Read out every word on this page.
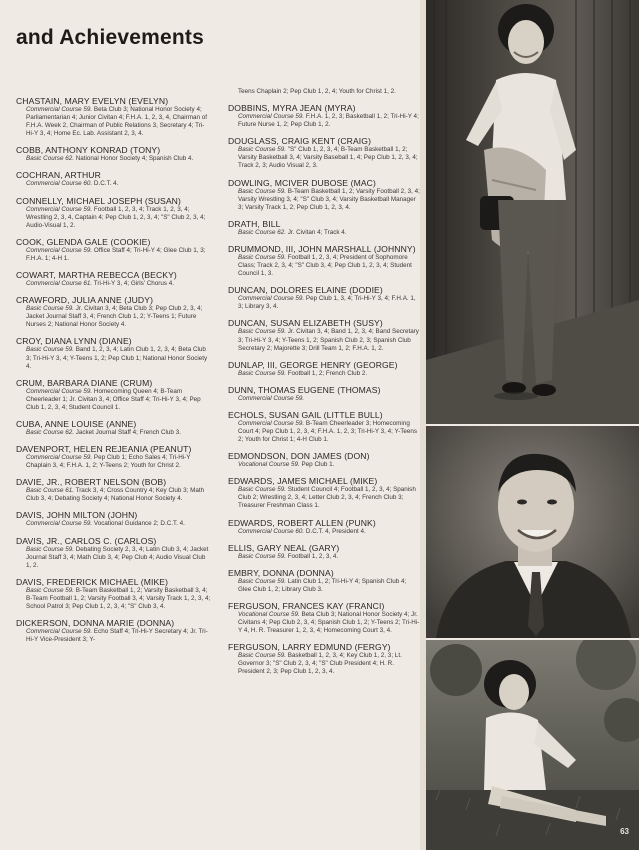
and Achievements
CHASTAIN, MARY EVELYN (EVELYN)
Commercial Course 59. Beta Club 3; National Honor Society 4; Parliamentarian 4; Junior Civitan 4; F.H.A. 1, 2, 3, 4, Chairman of F.H.A. Week 2, Chairman of Public Relations 3, Secretary 4; Tri-Hi-Y 3, 4; Home Ec. Lab. Assistant 2, 3, 4.
COBB, ANTHONY KONRAD (TONY)
Basic Course 62. National Honor Society 4; Spanish Club 4.
COCHRAN, ARTHUR
Commercial Course 60. D.C.T. 4.
CONNELLY, MICHAEL JOSEPH (SUSAN)
Commercial Course 59. Football 1, 2, 3, 4; Track 1, 2, 3, 4; Wrestling 2, 3, 4, Captain 4; Pep Club 1, 2, 3, 4; "S" Club 2, 3, 4; Audio-Visual 1, 2.
COOK, GLENDA GALE (COOKIE)
Commercial Course 59. Office Staff 4; Tri-Hi-Y 4; Glee Club 1, 3; F.H.A. 1; 4-H 1.
COWART, MARTHA REBECCA (BECKY)
Commercial Course 61. Tri-Hi-Y 3, 4; Girls' Chorus 4.
CRAWFORD, JULIA ANNE (JUDY)
Basic Course 59. Jr. Civitan 3, 4; Beta Club 3; Pep Club 2, 3, 4; Jacket Journal Staff 3, 4; French Club 1, 2; Y-Teens 1; Future Nurses 2; National Honor Society 4.
CROY, DIANA LYNN (DIANE)
Basic Course 59. Band 1, 2, 3, 4; Latin Club 1, 2, 3, 4; Beta Club 3; Tri-Hi-Y 3, 4; Y-Teens 1, 2; Pep Club 1; National Honor Society 4.
CRUM, BARBARA DIANE (CRUM)
Commercial Course 59. Homecoming Queen 4; B-Team Cheerleader 1; Jr. Civitan 3, 4; Office Staff 4; Tri-Hi-Y 3, 4; Pep Club 1, 2, 3, 4; Student Council 1.
CUBA, ANNE LOUISE (ANNE)
Basic Course 62. Jacket Journal Staff 4; French Club 3.
DAVENPORT, HELEN REJEANIA (PEANUT)
Commercial Course 59. Pep Club 1; Echo Sales 4; Tri-Hi-Y Chaplain 3, 4; F.H.A. 1, 2; Y-Teens 2; Youth for Christ 2.
DAVIE, JR., ROBERT NELSON (BOB)
Basic Course 61. Track 3, 4; Cross Country 4; Key Club 3; Math Club 3, 4; Debating Society 4; National Honor Society 4.
DAVIS, JOHN MILTON (JOHN)
Commercial Course 59. Vocational Guidance 2; D.C.T. 4.
DAVIS, JR., CARLOS C. (CARLOS)
Basic Course 59. Debating Society 2, 3, 4; Latin Club 3, 4; Jacket Journal Staff 3, 4; Math Club 3, 4; Pep Club 4; Audio Visual Club 1, 2.
DAVIS, FREDERICK MICHAEL (MIKE)
Basic Course 59. B-Team Basketball 1, 2; Varsity Basketball 3, 4; B-Team Football 1, 2; Varsity Football 3, 4; Varsity Track 1, 2, 3, 4; School Patrol 3; Pep Club 1, 2, 3, 4; "S" Club 3, 4.
DICKERSON, DONNA MARIE (DONNA)
Commercial Course 59. Echo Staff 4; Tri-Hi-Y Secretary 4; Jr. Tri-Hi-Y Vice-President 3; Y-
Teens Chaplain 2; Pep Club 1, 2, 4; Youth for Christ 1, 2.
DOBBINS, MYRA JEAN (MYRA)
Commercial Course 59. F.H.A. 1, 2, 3; Basketball 1, 2; Tri-Hi-Y 4; Future Nurse 1, 2; Pep Club 1, 2.
DOUGLASS, CRAIG KENT (CRAIG)
Basic Course 59. "S" Club 1, 2, 3, 4; B-Team Basketball 1, 2; Varsity Basketball 3, 4; Varsity Baseball 1, 4; Pep Club 1, 2, 3, 4; Track 2, 3; Audio Visual 2, 3.
DOWLING, MCIVER DUBOSE (MAC)
Basic Course 59. B-Team Basketball 1, 2; Varsity Football 2, 3, 4; Varsity Wrestling 3, 4; "S" Club 3, 4; Varsity Basketball Manager 3; Varsity Track 1, 2; Pep Club 1, 2, 3, 4.
DRATH, BILL
Basic Course 62. Jr. Civitan 4; Track 4.
DRUMMOND, III, JOHN MARSHALL (JOHNNY)
Basic Course 59. Football 1, 2, 3, 4; President of Sophomore Class; Track 2, 3, 4; "S" Club 3, 4; Pep Club 1, 2, 3, 4; Student Council 1, 3.
DUNCAN, DOLORES ELAINE (DODIE)
Commercial Course 59. Pep Club 1, 3, 4; Tri-Hi-Y 3, 4; F.H.A. 1, 3; Library 3, 4.
DUNCAN, SUSAN ELIZABETH (SUSY)
Basic Course 59. Jr. Civitan 3, 4; Band 1, 2, 3, 4; Band Secretary 3; Tri-Hi-Y 3, 4; Y-Teens 1, 2; Spanish Club 2, 3; Spanish Club Secretary 2; Majorette 3; Drill Team 1, 2; F.H.A. 1, 2.
DUNLAP, III, GEORGE HENRY (GEORGE)
Basic Course 59. Football 1, 2; French Club 2.
DUNN, THOMAS EUGENE (THOMAS)
Commercial Course 59.
ECHOLS, SUSAN GAIL (LITTLE BULL)
Commercial Course 59. B-Team Cheerleader 3; Homecoming Court 4; Pep Club 1, 2, 3, 4; F.H.A. 1, 2, 3; Tri-Hi-Y 3, 4; Y-Teens 2; Youth for Christ 1; 4-H Club 1.
EDMONDSON, DON JAMES (DON)
Vocational Course 59. Pep Club 1.
EDWARDS, JAMES MICHAEL (MIKE)
Basic Course 59. Student Council 4; Football 1, 2, 3, 4; Spanish Club 2; Wrestling 2, 3, 4; Letter Club 2, 3, 4; French Club 3; Treasurer Freshman Class 1.
EDWARDS, ROBERT ALLEN (PUNK)
Commercial Course 60. D.C.T. 4, President 4.
ELLIS, GARY NEAL (GARY)
Basic Course 59. Football 1, 2, 3, 4.
EMBRY, DONNA (DONNA)
Basic Course 59. Latin Club 1, 2; Tri-Hi-Y 4; Spanish Club 4; Glee Club 1, 2; Library Club 3.
FERGUSON, FRANCES KAY (FRANCI)
Vocational Course 59. Beta Club 3; National Honor Society 4; Jr. Civitans 4; Pep Club 2, 3, 4; Spanish Club 1, 2; Y-Teens 2; Tri-Hi-Y 4, H. R. Treasurer 1, 2, 3, 4; Homecoming Court 3, 4.
FERGUSON, LARRY EDMUND (FERGY)
Basic Course 59. Basketball 1, 2, 3, 4; Key Club 1, 2, 3; Lt. Governor 3; "S" Club 2, 3, 4; "S" Club President 4; H. R. President 2, 3; Pep Club 1, 2, 3, 4.
63
